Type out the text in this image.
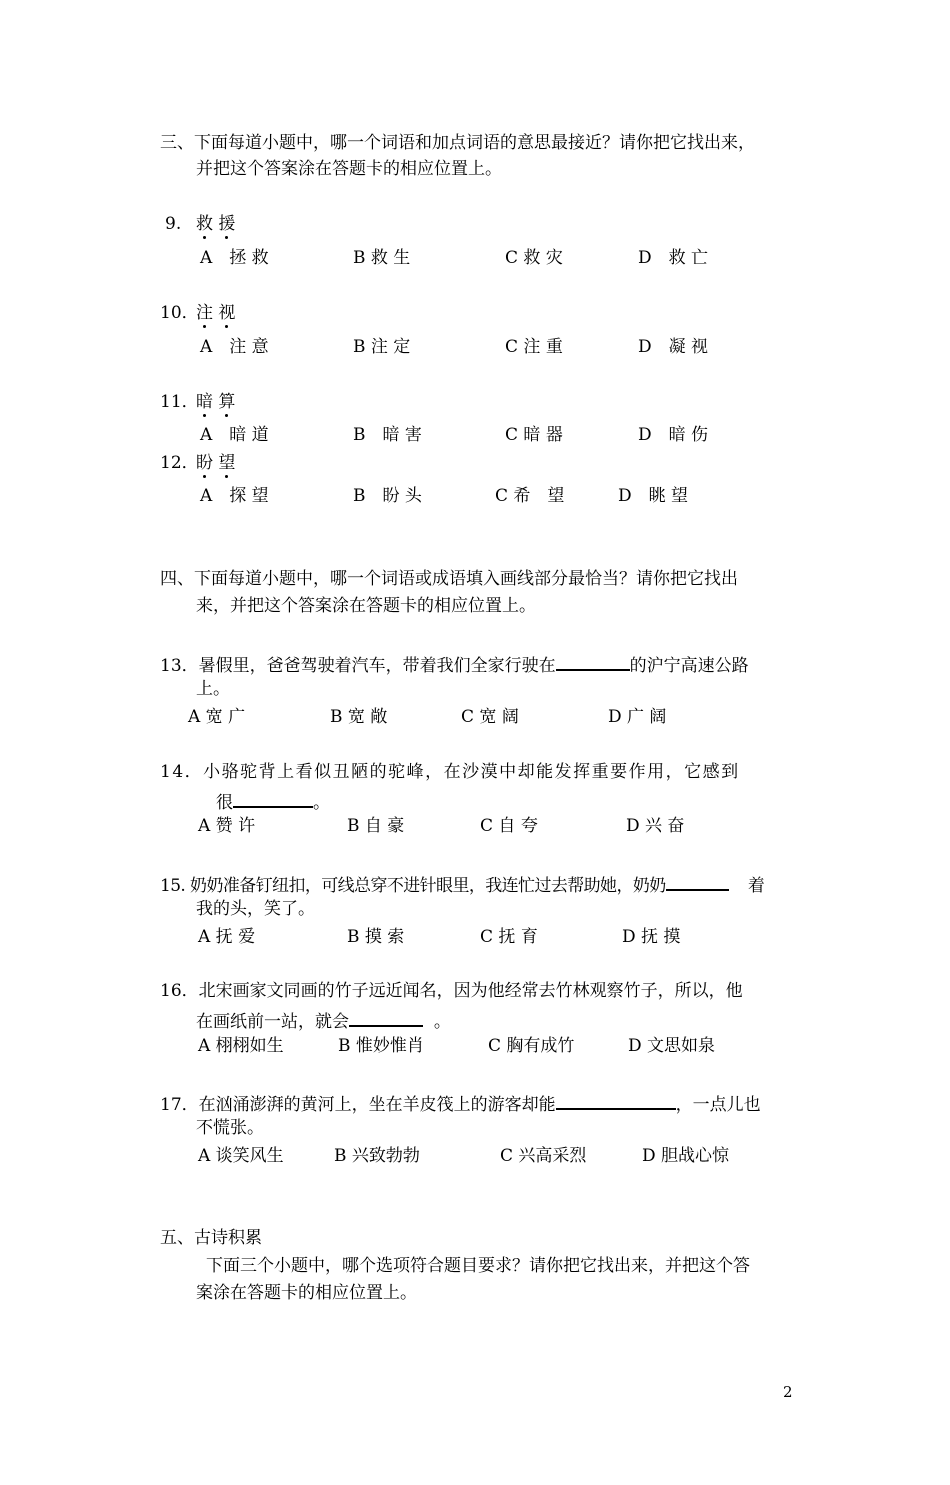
三、下面每道小题中，哪一个词语和加点词语的意思最接近？请你把它找出来，
并把这个答案涂在答题卡的相应位置上。
9. 救 援
A　拯 救	B 救 生	C 救 灾	D　救 亡
10．
注 视
A　注 意	B 注 定	C 注 重	D　凝 视
11．
暗 算
A　暗 道	B　暗 害	C 暗 器	D　暗 伤
12．
盼 望
A　探 望	B　盼 头	C 希　望	D　眺 望
四、下面每道小题中，哪一个词语或成语填入画线部分最恰当？请你把它找出
来，并把这个答案涂在答题卡的相应位置上。
13．暑假里，爸爸驾驶着汽车，带着我们全家行驶在	的沪宁高速公路
上。
A 宽 广	B 宽 敞	C 宽 阔	D 广 阔
14．小骆驼背上看似丑陋的驼峰，在沙漠中却能发挥重要作用，它感到
很	。
A 赞 许	B 自 豪	C 自 夸	D 兴 奋
15. 奶奶准备钉纽扣，可线总穿不进针眼里，我连忙过去帮助她，奶奶	着
我的头，笑了。
A 抚 爱	B 摸 索	C 抚 育	D 抚 摸
16．北宋画家文同画的竹子远近闻名，因为他经常去竹林观察竹子，所以，他
在画纸前一站，就会	。
A 栩栩如生	B 惟妙惟肖	C 胸有成竹	D 文思如泉
17．在汹涌澎湃的黄河上，坐在羊皮筏上的游客却能	，一点儿也
不慌张。
A 谈笑风生	B 兴致勃勃	C 兴高采烈	D 胆战心惊
五、古诗积累
下面三个小题中，哪个选项符合题目要求？请你把它找出来，并把这个答
案涂在答题卡的相应位置上。
2
